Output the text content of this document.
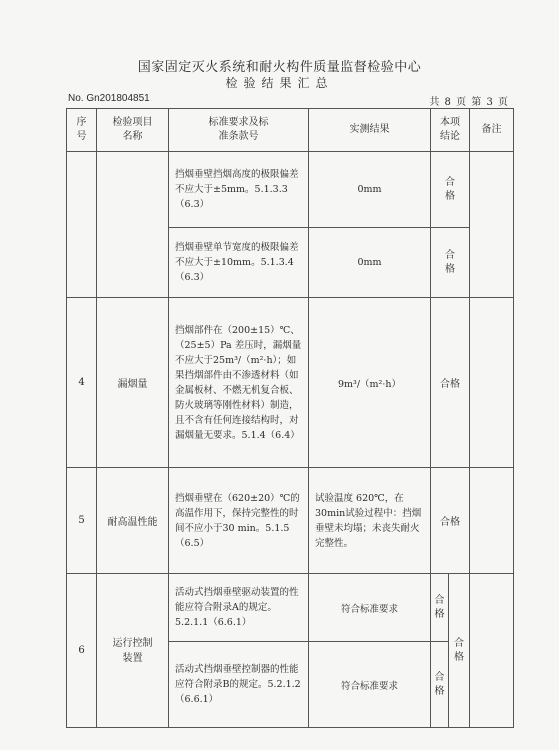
国家固定灭火系统和耐火构件质量监督检验中心
检验结果汇总
No. Gn201804851	共 8 页 第 3 页
序号	检验项目名称	标准要求及标准条款号	实测结果	本项结论		备注
		挡烟垂壁挡烟高度的极限偏差不应大于±5mm。5.1.3.3（6.3）	0mm	合格		

		挡烟垂壁单节宽度的极限偏差不应大于±10mm。5.1.3.4（6.3）	0mm	合格		

4	漏烟量	挡烟部件在（200±15）℃、（25±5）Pa 差压时，漏烟量不应大于25m³/（m²·h）；如果挡烟部件由不渗透材料（如金属板材、不燃无机复合板、防火玻璃等刚性材料）制造，且不含有任何连接结构时，对漏烟量无要求。5.1.4（6.4）	9m³/（m²·h）	合格		
5	耐高温性能	挡烟垂壁在（620±20）℃的高温作用下，保持完整性的时间不应小于30 min。5.1.5（6.5）	试验温度 620℃，在30min试验过程中：挡烟垂壁未均塌；未丧失耐火完整性。	合格		
6	运行控制装置	活动式挡烟垂壁驱动装置的性能应符合附录A的规定。5.2.1.1（6.6.1）	符合标准要求	合格	合格	

		活动式挡烟垂壁控制器的性能应符合附录B的规定。5.2.1.2（6.6.1）	符合标准要求	合格		
